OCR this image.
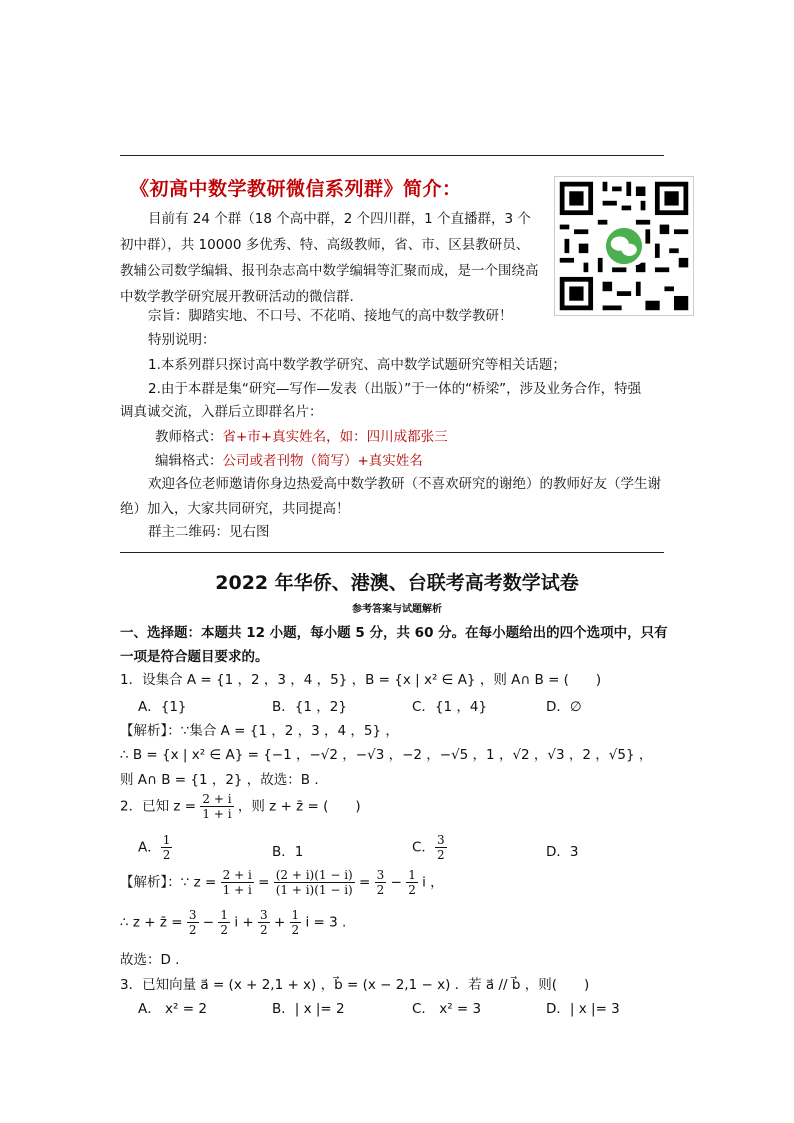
《初高中数学教研微信系列群》简介：
目前有 24 个群（18 个高中群，2 个四川群，1 个直播群，3 个
初中群），共 10000 多优秀、特、高级教师，省、市、区县教研员、
教辅公司数学编辑、报刊杂志高中数学编辑等汇聚而成，是一个围绕高
中数学教学研究展开教研活动的微信群.
宗旨：脚踏实地、不口号、不花哨、接地气的高中数学教研！
特别说明：
1.本系列群只探讨高中数学教学研究、高中数学试题研究等相关话题；
2.由于本群是集“研究—写作—发表（出版）”于一体的“桥梁”，涉及业务合作，特强
调真诚交流，入群后立即群名片：
教师格式：省+市+真实姓名，如：四川成都张三
编辑格式：公司或者刊物（简写）+真实姓名
欢迎各位老师邀请你身边热爱高中数学教研（不喜欢研究的谢绝）的教师好友（学生谢
绝）加入，大家共同研究，共同提高！
群主二维码：见右图
2022 年华侨、港澳、台联考高考数学试卷
参考答案与试题解析
一、选择题：本题共 12 小题，每小题 5 分，共 60 分。在每小题给出的四个选项中，只有
一项是符合题目要求的。
1．设集合 A = {1 ，2 ，3 ，4 ，5} ，B = {x | x² ∈ A} ，则 A∩ B = (　　)
A．{1}	B．{1 ，2}	C．{1 ，4}	D．∅
【解析】：∵集合 A = {1 ，2 ，3 ，4 ，5} ，
∴ B = {x | x² ∈ A} = {−1 ，−√2 ，−√3 ，−2 ，−√5 ，1 ，√2 ，√3 ，2 ，√5} ，
则 A∩ B = {1 ，2} ，故选：B .
2．已知 $z = \frac{2 + i}{1 + i}$ ，则 z + z̄ = (　　)
A． $\frac{1}{2}$	B．1	C． $\frac{3}{2}$	D．3
【解析】：∵ $z = \frac{2 + i}{1 + i} = \frac{(2 + i)(1 - i)}{(1 + i)(1 - i)} = \frac{3}{2} - \frac{1}{2}$ i ，
∴ z + z̄ = $\frac{3}{2} - \frac{1}{2}$ $i + \frac{3}{2} + \frac{1}{2}$ i = 3 .
故选：D .
3．已知向量 a⃗ = (x + 2,1 + x) ，b⃗ = (x − 2,1 − x) ．若 a⃗ // b⃗ ，则(　　)
A． x² = 2	B．| x |= 2	C． x² = 3	D．| x |= 3
